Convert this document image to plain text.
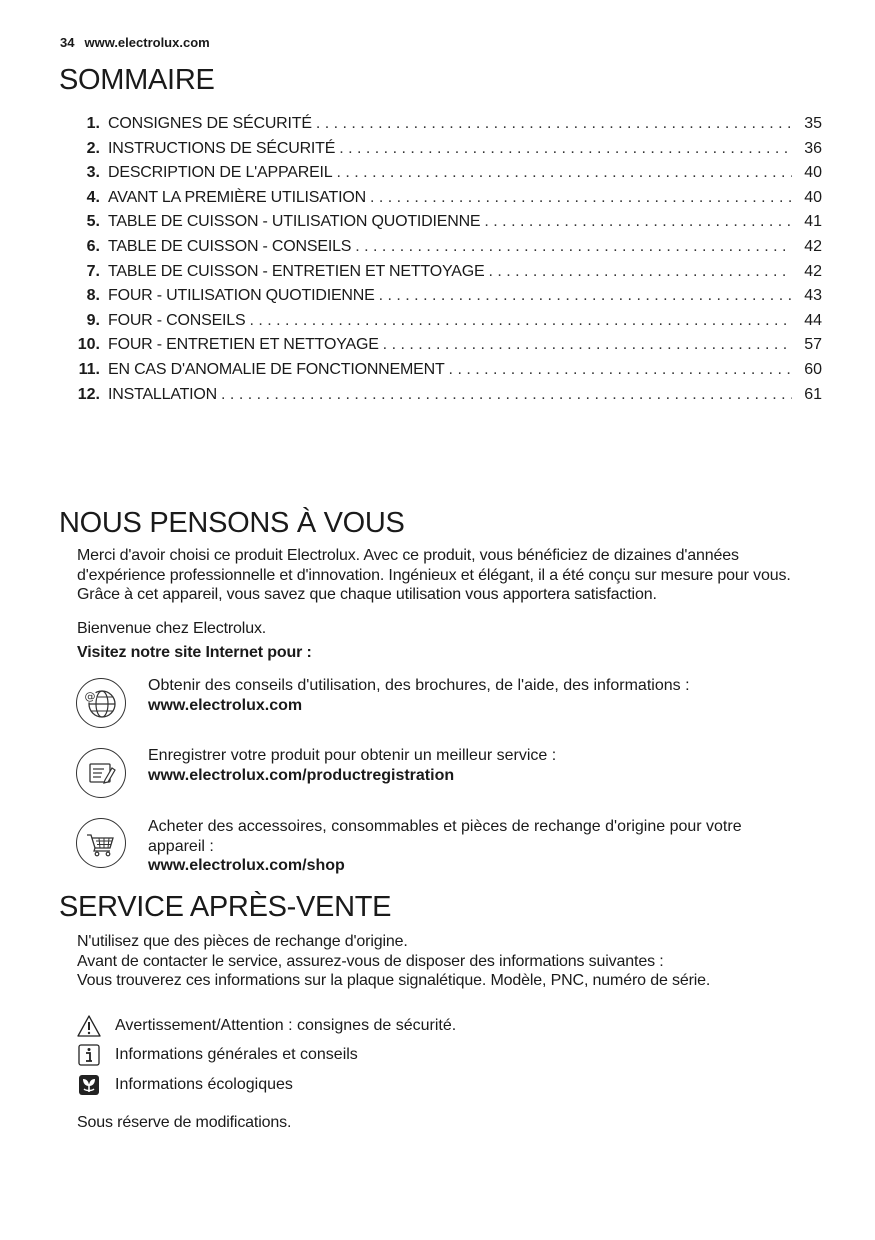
34 www.electrolux.com
SOMMAIRE
1. CONSIGNES DE SÉCURITÉ . . .	35
2. INSTRUCTIONS DE SÉCURITÉ . . .	36
3. DESCRIPTION DE L'APPAREIL . . .	40
4. AVANT LA PREMIÈRE UTILISATION . . .	40
5. TABLE DE CUISSON - UTILISATION QUOTIDIENNE . . .	41
6. TABLE DE CUISSON - CONSEILS . . .	42
7. TABLE DE CUISSON - ENTRETIEN ET NETTOYAGE . . .	42
8. FOUR - UTILISATION QUOTIDIENNE . . .	43
9. FOUR - CONSEILS . . .	44
10. FOUR - ENTRETIEN ET NETTOYAGE . . .	57
11. EN CAS D'ANOMALIE DE FONCTIONNEMENT . . .	60
12. INSTALLATION . . .	61
NOUS PENSONS À VOUS
Merci d'avoir choisi ce produit Electrolux. Avec ce produit, vous bénéficiez de dizaines d'années d'expérience professionnelle et d'innovation. Ingénieux et élégant, il a été conçu sur mesure pour vous. Grâce à cet appareil, vous savez que chaque utilisation vous apportera satisfaction.
Bienvenue chez Electrolux.
Visitez notre site Internet pour :
@
Obtenir des conseils d'utilisation, des brochures, de l'aide, des informations :
www.electrolux.com
Enregistrer votre produit pour obtenir un meilleur service :
www.electrolux.com/productregistration
Acheter des accessoires, consommables et pièces de rechange d'origine pour votre appareil :
www.electrolux.com/shop
SERVICE APRÈS-VENTE
N'utilisez que des pièces de rechange d'origine.
Avant de contacter le service, assurez-vous de disposer des informations suivantes :
Vous trouverez ces informations sur la plaque signalétique. Modèle, PNC, numéro de série.
Avertissement/Attention : consignes de sécurité.
Informations générales et conseils
Informations écologiques
Sous réserve de modifications.
